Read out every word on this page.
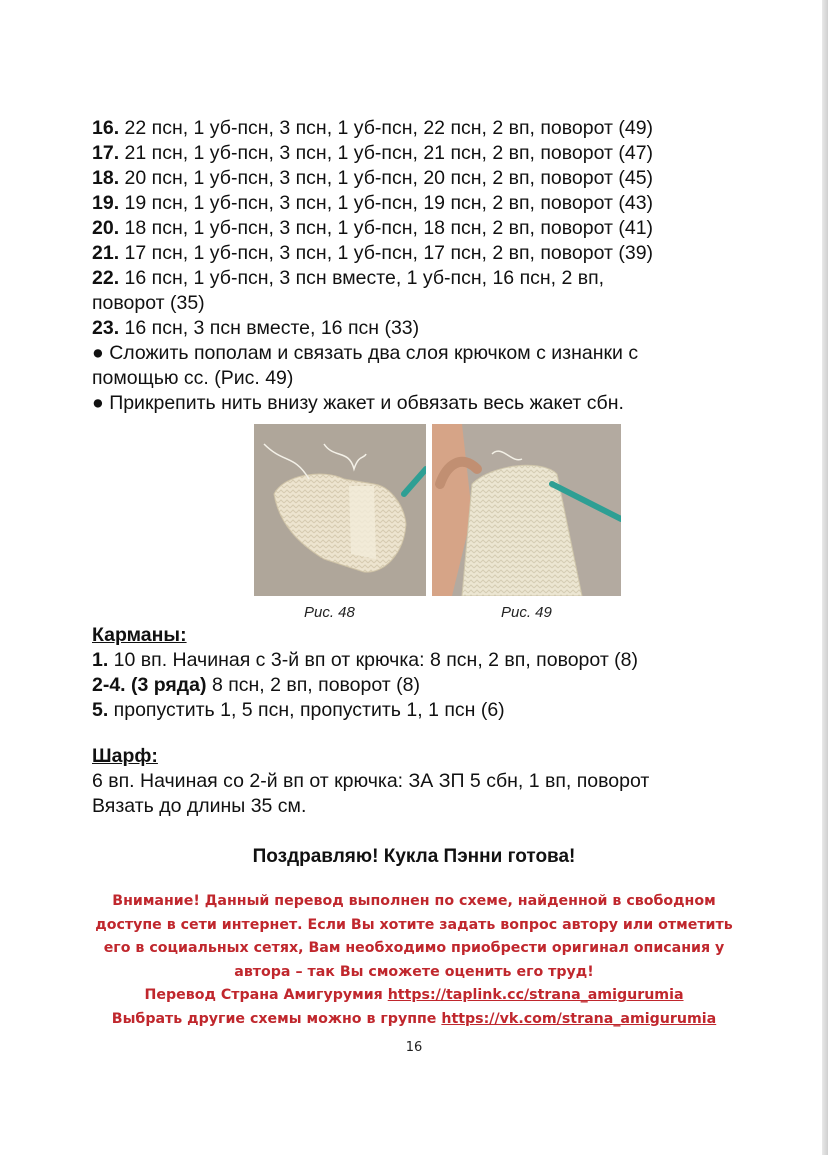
16. 22 псн, 1 уб-псн, 3 псн, 1 уб-псн, 22 псн, 2 вп, поворот (49)
17. 21 псн, 1 уб-псн, 3 псн, 1 уб-псн, 21 псн, 2 вп, поворот (47)
18. 20 псн, 1 уб-псн, 3 псн, 1 уб-псн, 20 псн, 2 вп, поворот (45)
19. 19 псн, 1 уб-псн, 3 псн, 1 уб-псн, 19 псн, 2 вп, поворот (43)
20. 18 псн, 1 уб-псн, 3 псн, 1 уб-псн, 18 псн, 2 вп, поворот (41)
21. 17 псн, 1 уб-псн, 3 псн, 1 уб-псн, 17 псн, 2 вп, поворот (39)
22. 16 псн, 1 уб-псн, 3 псн вместе, 1 уб-псн, 16 псн, 2 вп,
поворот (35)
23. 16 псн, 3 псн вместе, 16 псн (33)
● Сложить пополам и связать два слоя крючком с изнанки с
помощью сс. (Рис. 49)
● Прикрепить нить внизу жакет и обвязать весь жакет сбн.
Рис. 48	Рис. 49
Карманы:
1. 10 вп. Начиная с 3-й вп от крючка: 8 псн, 2 вп, поворот (8)
2-4. (3 ряда) 8 псн, 2 вп, поворот (8)
5. пропустить 1, 5 псн, пропустить 1, 1 псн (6)
Шарф:
6 вп. Начиная со 2-й вп от крючка: ЗА ЗП 5 сбн, 1 вп, поворот
Вязать до длины 35 см.
Поздравляю! Кукла Пэнни готова!
Внимание! Данный перевод выполнен по схеме, найденной в свободном
доступе в сети интернет. Если Вы хотите задать вопрос автору или отметить
его в социальных сетях, Вам необходимо приобрести оригинал описания у
автора – так Вы сможете оценить его труд!
Перевод Страна Амигурумия https://taplink.cc/strana_amigurumia
Выбрать другие схемы можно в группе https://vk.com/strana_amigurumia
16
